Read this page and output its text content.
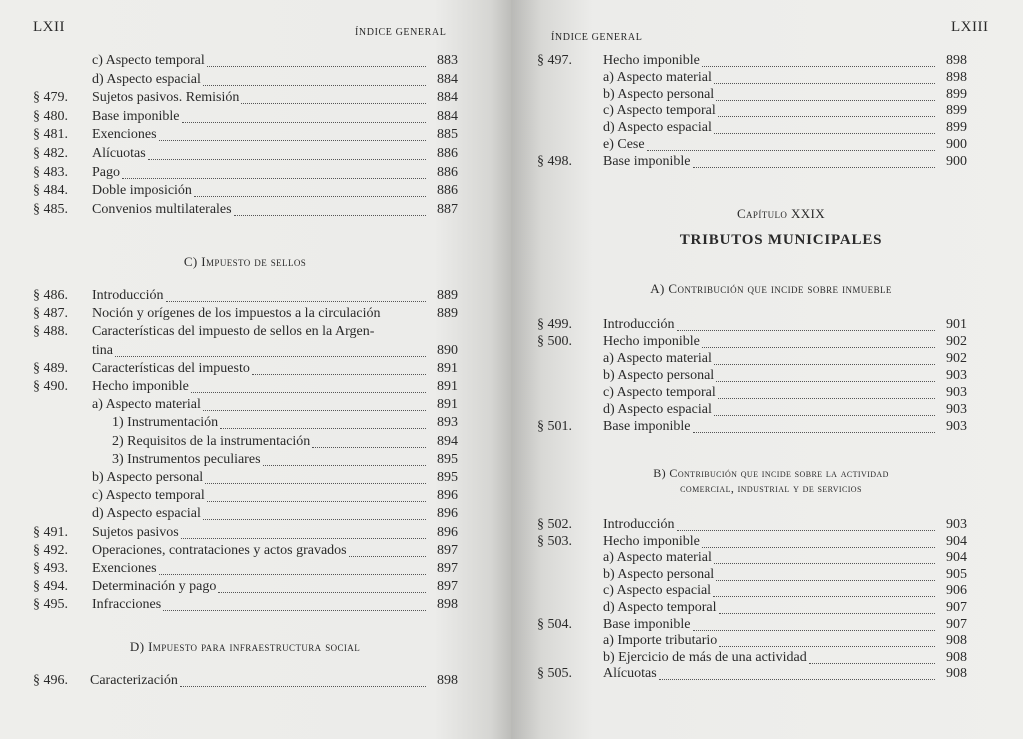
LXII	ÍNDICE GENERAL
c) Aspecto temporal	883
d) Aspecto espacial	884
§ 479.	Sujetos pasivos. Remisión	884
§ 480.	Base imponible	884
§ 481.	Exenciones	885
§ 482.	Alícuotas	886
§ 483.	Pago	886
§ 484.	Doble imposición	886
§ 485.	Convenios multilaterales	887
C) Impuesto de sellos
§ 486.	Introducción	889
§ 487.	Noción y orígenes de los impuestos a la circulación	889
§ 488.	Características del impuesto de sellos en la Argen-
tina	890
§ 489.	Características del impuesto	891
§ 490.	Hecho imponible	891
a) Aspecto material	891
1) Instrumentación	893
2) Requisitos de la instrumentación	894
3) Instrumentos peculiares	895
b) Aspecto personal	895
c) Aspecto temporal	896
d) Aspecto espacial	896
§ 491.	Sujetos pasivos	896
§ 492.	Operaciones, contrataciones y actos gravados	897
§ 493.	Exenciones	897
§ 494.	Determinación y pago	897
§ 495.	Infracciones	898
D) Impuesto para infraestructura social
§ 496.	Caracterización	898
ÍNDICE GENERAL
LXIII
§ 497.	Hecho imponible	898
a) Aspecto material	898
b) Aspecto personal	899
c) Aspecto temporal	899
d) Aspecto espacial	899
e) Cese	900
§ 498.	Base imponible	900
Capítulo XXIX
TRIBUTOS MUNICIPALES
A) Contribución que incide sobre inmueble
§ 499.	Introducción	901
§ 500.	Hecho imponible	902
a) Aspecto material	902
b) Aspecto personal	903
c) Aspecto temporal	903
d) Aspecto espacial	903
§ 501.	Base imponible	903
B) Contribución que incide sobre la actividad
comercial, industrial y de servicios
§ 502.	Introducción	903
§ 503.	Hecho imponible	904
a) Aspecto material	904
b) Aspecto personal	905
c) Aspecto espacial	906
d) Aspecto temporal	907
§ 504.	Base imponible	907
a) Importe tributario	908
b) Ejercicio de más de una actividad	908
§ 505.	Alícuotas	908
